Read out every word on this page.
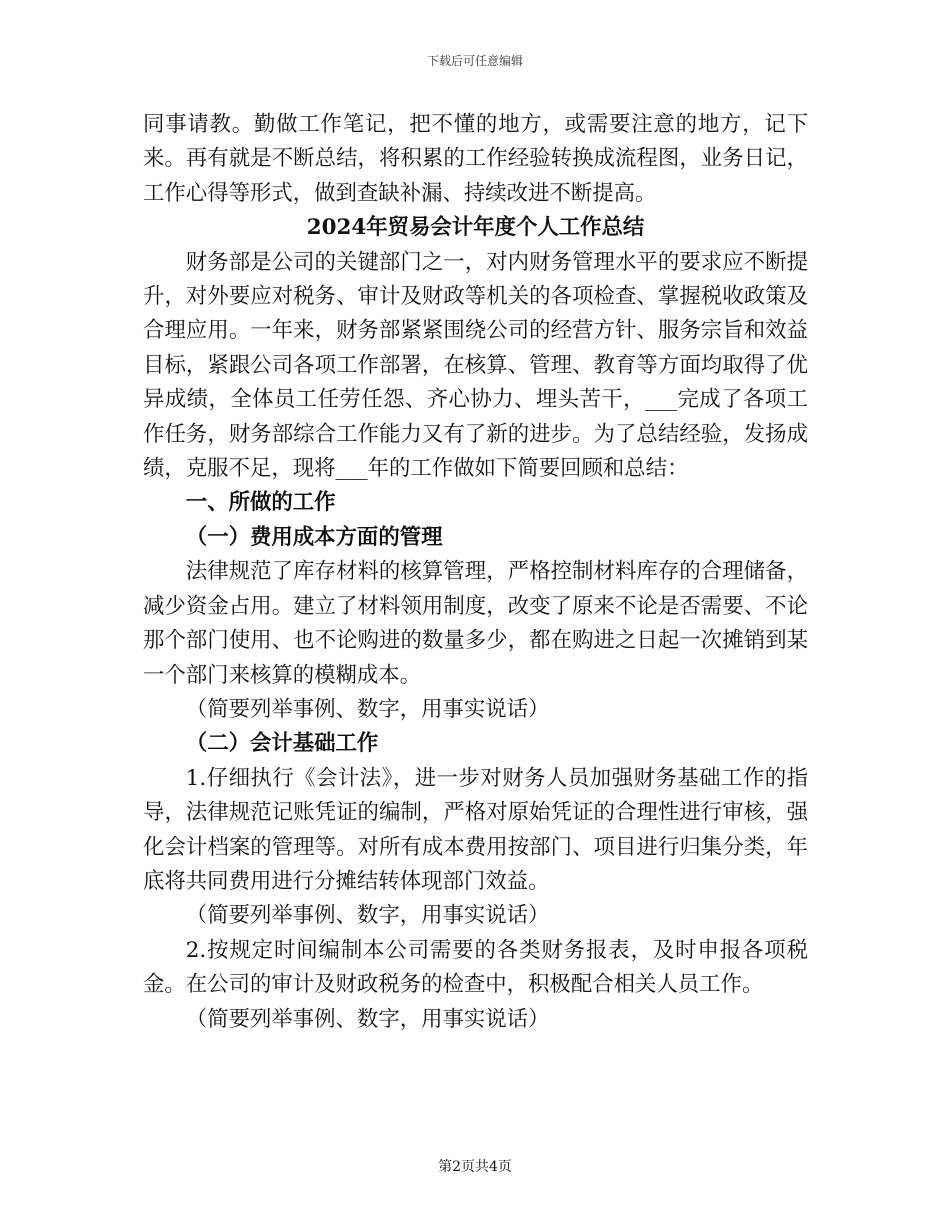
下载后可任意编辑

同事请教。勤做工作笔记，把不懂的地方，或需要注意的地方，记下来。再有就是不断总结，将积累的工作经验转换成流程图，业务日记，工作心得等形式，做到查缺补漏、持续改进不断提高。

2024年贸易会计年度个人工作总结

财务部是公司的关键部门之一，对内财务管理水平的要求应不断提升，对外要应对税务、审计及财政等机关的各项检查、掌握税收政策及合理应用。一年来，财务部紧紧围绕公司的经营方针、服务宗旨和效益目标，紧跟公司各项工作部署，在核算、管理、教育等方面均取得了优异成绩，全体员工任劳任怨、齐心协力、埋头苦干，___完成了各项工作任务，财务部综合工作能力又有了新的进步。为了总结经验，发扬成绩，克服不足，现将___年的工作做如下简要回顾和总结：

一、所做的工作

（一）费用成本方面的管理

法律规范了库存材料的核算管理，严格控制材料库存的合理储备，减少资金占用。建立了材料领用制度，改变了原来不论是否需要、不论那个部门使用、也不论购进的数量多少，都在购进之日起一次摊销到某一个部门来核算的模糊成本。

（简要列举事例、数字，用事实说话）

（二）会计基础工作

1.仔细执行《会计法》，进一步对财务人员加强财务基础工作的指导，法律规范记账凭证的编制，严格对原始凭证的合理性进行审核，强化会计档案的管理等。对所有成本费用按部门、项目进行归集分类，年底将共同费用进行分摊结转体现部门效益。

（简要列举事例、数字，用事实说话）

2.按规定时间编制本公司需要的各类财务报表，及时申报各项税金。在公司的审计及财政税务的检查中，积极配合相关人员工作。

（简要列举事例、数字，用事实说话）

第2页共4页
